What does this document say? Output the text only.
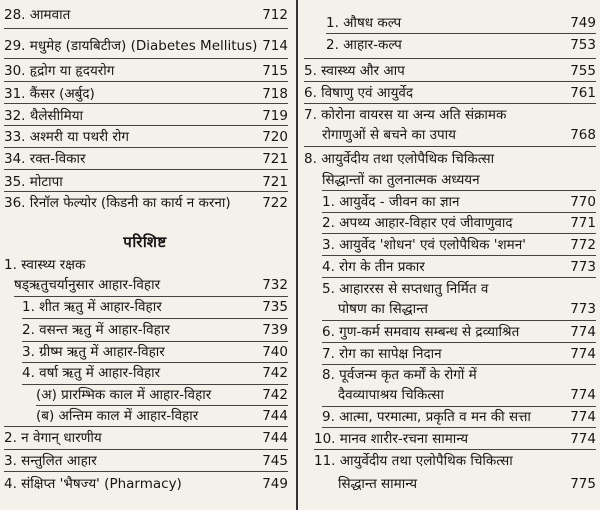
28. आमवात	712
29. मधुमेह (डायबिटीज) (Diabetes Mellitus) 714
30. हृद्रोग या हृदयरोग	715
31. कैंसर (अर्बुद)	718
32. थैलेसीमिया	719
33. अश्मरी या पथरी रोग	720
34. रक्त-विकार	721
35. मोटापा	721
36. रिनॉल फेल्योर (किडनी का कार्य न करना)	722
परिशिष्ट
1. स्वास्थ्य रक्षक
षड्ऋतुचर्यानुसार आहार-विहार	732
1. शीत ऋतु में आहार-विहार	735
2. वसन्त ऋतु में आहार-विहार	739
3. ग्रीष्म ऋतु में आहार-विहार	740
4. वर्षा ऋतु में आहार-विहार	742
(अ) प्रारम्भिक काल में आहार-विहार	742
(ब) अन्तिम काल में आहार-विहार	744
2. न वेगान् धारणीय	744
3. सन्तुलित आहार	745
4. संक्षिप्त 'भैषज्य' (Pharmacy)	749
1. औषध कल्प	749
2. आहार-कल्प	753
5. स्वास्थ्य और आप	755
6. विषाणु एवं आयुर्वेद	761
7. कोरोना वायरस या अन्य अति संक्रामक
रोगाणुओं से बचने का उपाय	768
8. आयुर्वेदीय तथा एलोपैथिक चिकित्सा
सिद्धान्तों का तुलनात्मक अध्ययन
1. आयुर्वेद - जीवन का ज्ञान	770
2. अपथ्य आहार-विहार एवं जीवाणुवाद	771
3. आयुर्वेद 'शोधन' एवं एलोपैथिक 'शमन'	772
4. रोग के तीन प्रकार	773
5. आहाररस से सप्तधातु निर्मित व
पोषण का सिद्धान्त	773
6. गुण-कर्म समवाय सम्बन्ध से द्रव्याश्रित	774
7. रोग का सापेक्ष निदान	774
8. पूर्वजन्म कृत कर्मों के रोगों में
दैवव्यापाश्रय चिकित्सा	774
9. आत्मा, परमात्मा, प्रकृति व मन की सत्ता	774
10. मानव शारीर-रचना सामान्य	774
11. आयुर्वेदीय तथा एलोपैथिक चिकित्सा
सिद्धान्त सामान्य	775
